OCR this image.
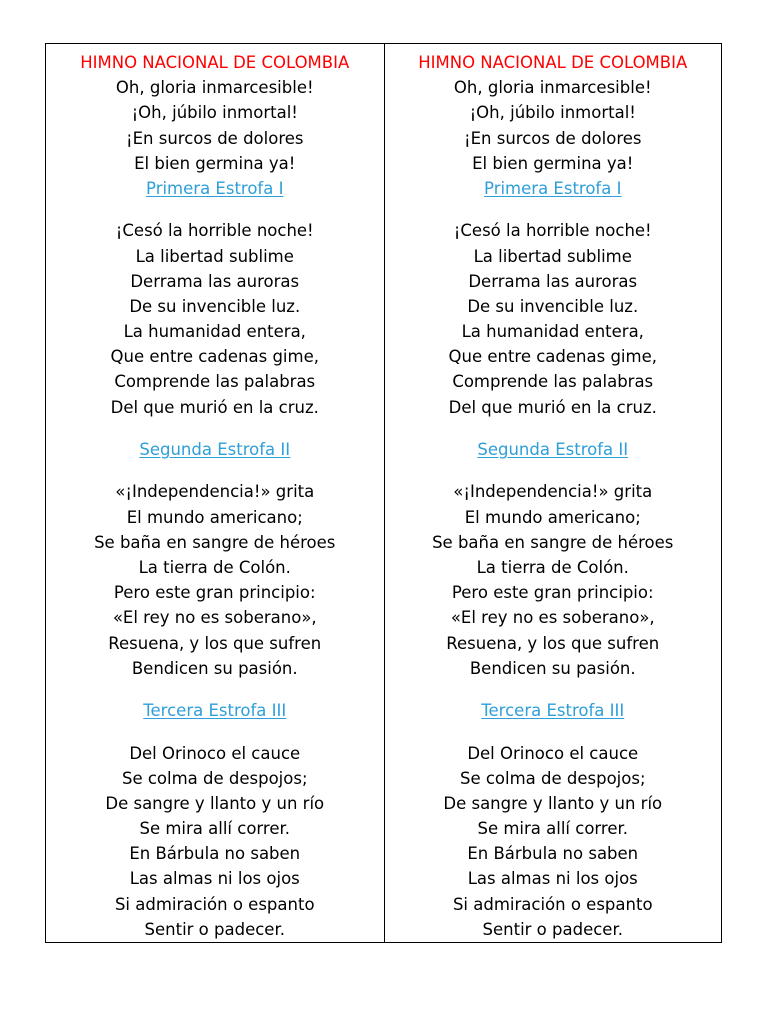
HIMNO NACIONAL DE COLOMBIA
Oh, gloria inmarcesible!
¡Oh, júbilo inmortal!
¡En surcos de dolores
El bien germina ya!
Primera Estrofa I
¡Cesó la horrible noche!
La libertad sublime
Derrama las auroras
De su invencible luz.
La humanidad entera,
Que entre cadenas gime,
Comprende las palabras
Del que murió en la cruz.
Segunda Estrofa II
«¡Independencia!» grita
El mundo americano;
Se baña en sangre de héroes
La tierra de Colón.
Pero este gran principio:
«El rey no es soberano»,
Resuena, y los que sufren
Bendicen su pasión.
Tercera Estrofa III
Del Orinoco el cauce
Se colma de despojos;
De sangre y llanto y un río
Se mira allí correr.
En Bárbula no saben
Las almas ni los ojos
Si admiración o espanto
Sentir o padecer.
HIMNO NACIONAL DE COLOMBIA
Oh, gloria inmarcesible!
¡Oh, júbilo inmortal!
¡En surcos de dolores
El bien germina ya!
Primera Estrofa I
¡Cesó la horrible noche!
La libertad sublime
Derrama las auroras
De su invencible luz.
La humanidad entera,
Que entre cadenas gime,
Comprende las palabras
Del que murió en la cruz.
Segunda Estrofa II
«¡Independencia!» grita
El mundo americano;
Se baña en sangre de héroes
La tierra de Colón.
Pero este gran principio:
«El rey no es soberano»,
Resuena, y los que sufren
Bendicen su pasión.
Tercera Estrofa III
Del Orinoco el cauce
Se colma de despojos;
De sangre y llanto y un río
Se mira allí correr.
En Bárbula no saben
Las almas ni los ojos
Si admiración o espanto
Sentir o padecer.
